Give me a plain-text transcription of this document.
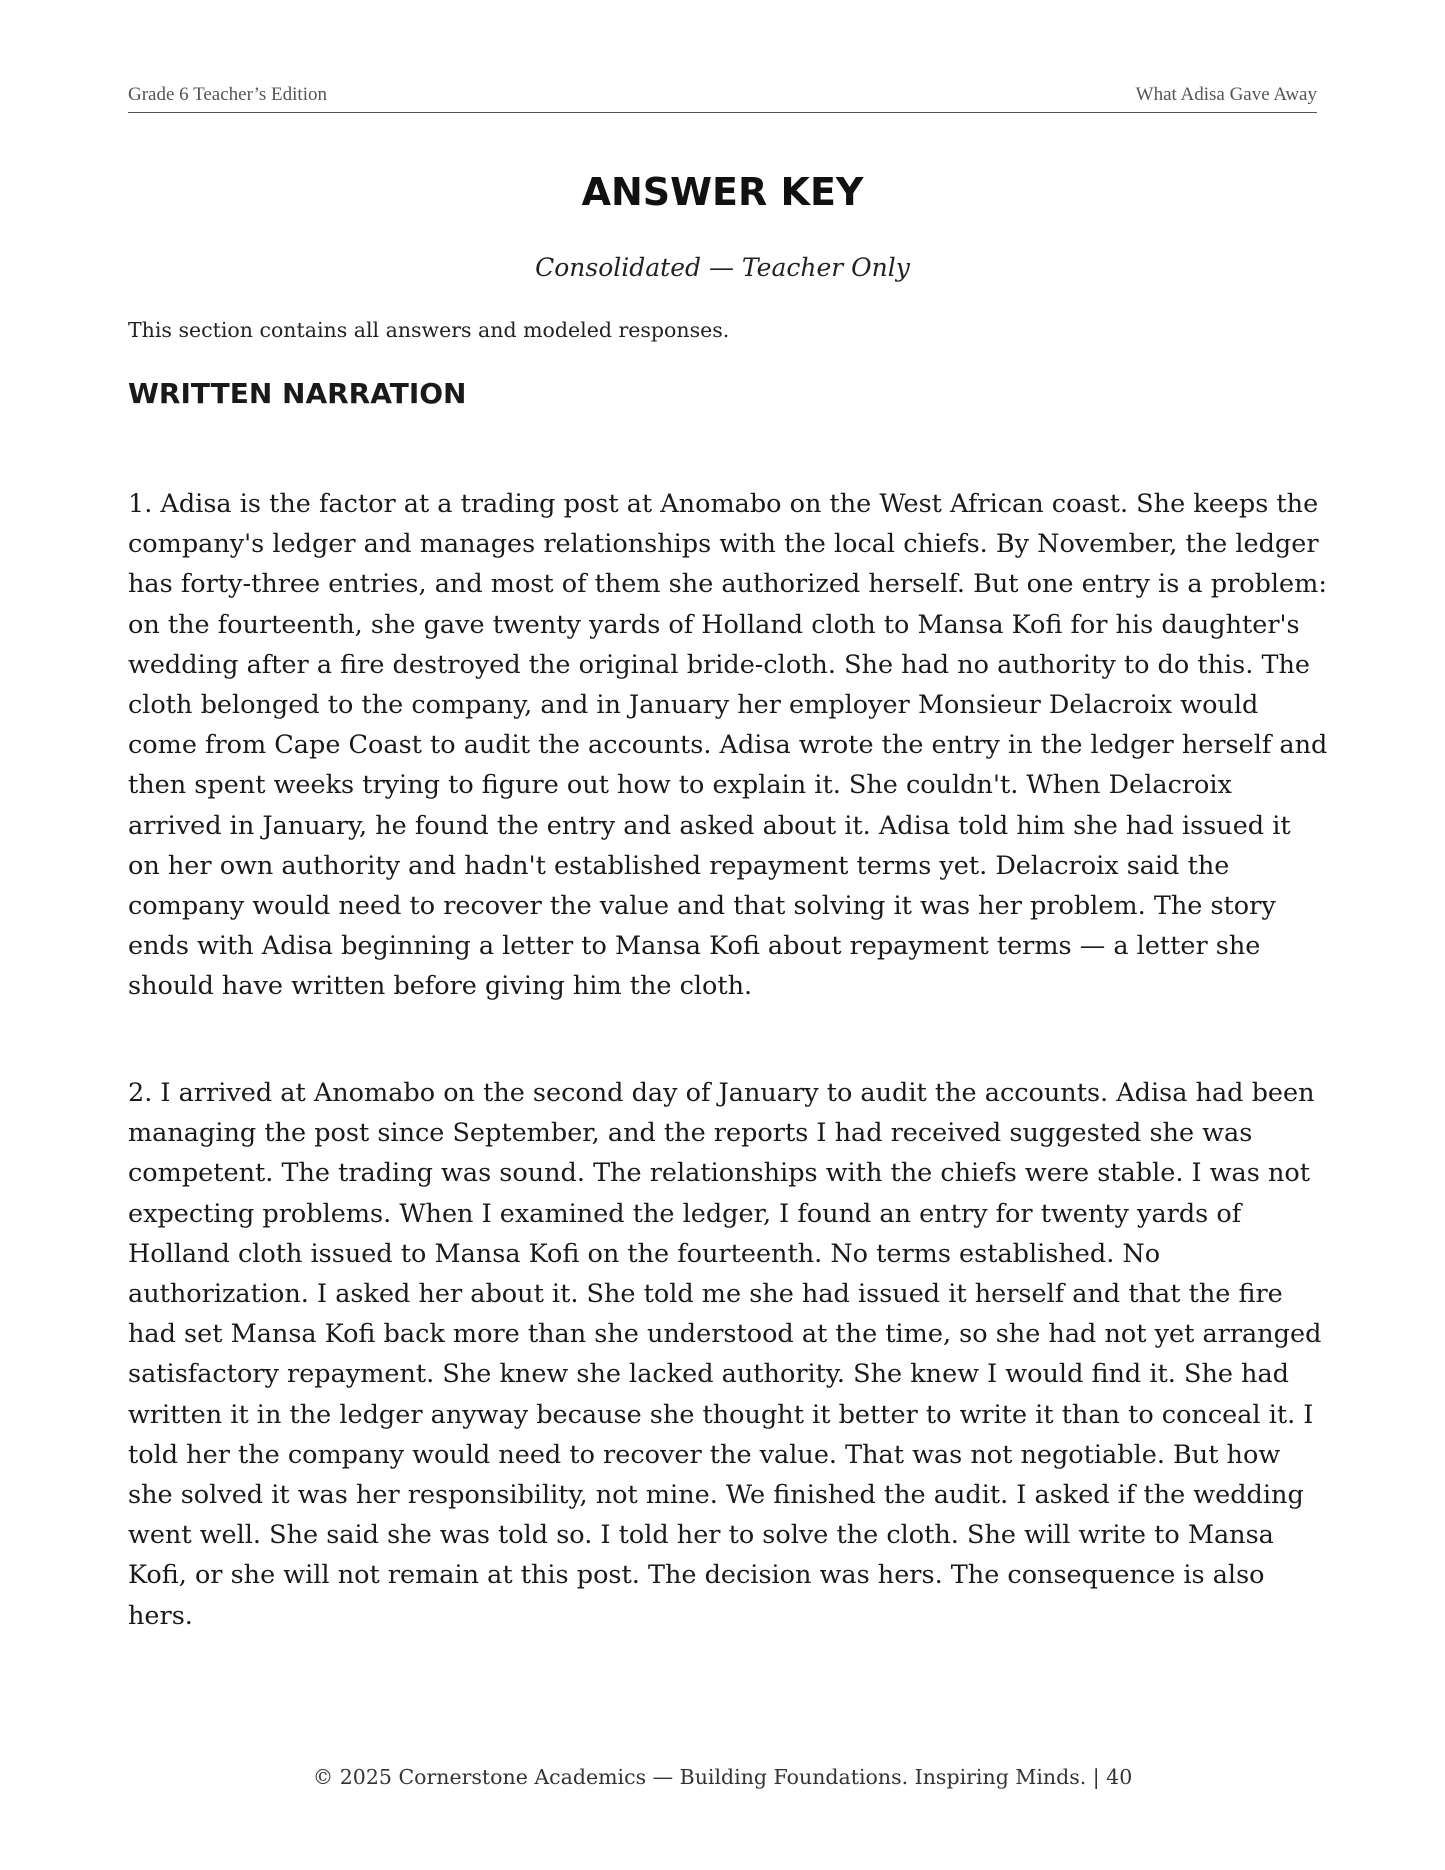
Grade 6 Teacher’s Edition	What Adisa Gave Away
ANSWER KEY
Consolidated — Teacher Only
This section contains all answers and modeled responses.
WRITTEN NARRATION

1. Adisa is the factor at a trading post at Anomabo on the West African coast. She keeps the company's ledger and manages relationships with the local chiefs. By November, the ledger has forty-three entries, and most of them she authorized herself. But one entry is a problem: on the fourteenth, she gave twenty yards of Holland cloth to Mansa Kofi for his daughter's wedding after a fire destroyed the original bride-cloth. She had no authority to do this. The cloth belonged to the company, and in January her employer Monsieur Delacroix would come from Cape Coast to audit the accounts. Adisa wrote the entry in the ledger herself and then spent weeks trying to figure out how to explain it. She couldn't. When Delacroix arrived in January, he found the entry and asked about it. Adisa told him she had issued it on her own authority and hadn't established repayment terms yet. Delacroix said the company would need to recover the value and that solving it was her problem. The story ends with Adisa beginning a letter to Mansa Kofi about repayment terms — a letter she should have written before giving him the cloth.

2. I arrived at Anomabo on the second day of January to audit the accounts. Adisa had been managing the post since September, and the reports I had received suggested she was competent. The trading was sound. The relationships with the chiefs were stable. I was not expecting problems. When I examined the ledger, I found an entry for twenty yards of Holland cloth issued to Mansa Kofi on the fourteenth. No terms established. No authorization. I asked her about it. She told me she had issued it herself and that the fire had set Mansa Kofi back more than she understood at the time, so she had not yet arranged satisfactory repayment. She knew she lacked authority. She knew I would find it. She had written it in the ledger anyway because she thought it better to write it than to conceal it. I told her the company would need to recover the value. That was not negotiable. But how she solved it was her responsibility, not mine. We finished the audit. I asked if the wedding went well. She said she was told so. I told her to solve the cloth. She will write to Mansa Kofi, or she will not remain at this post. The decision was hers. The consequence is also hers.

© 2025 Cornerstone Academics — Building Foundations. Inspiring Minds. | 40
